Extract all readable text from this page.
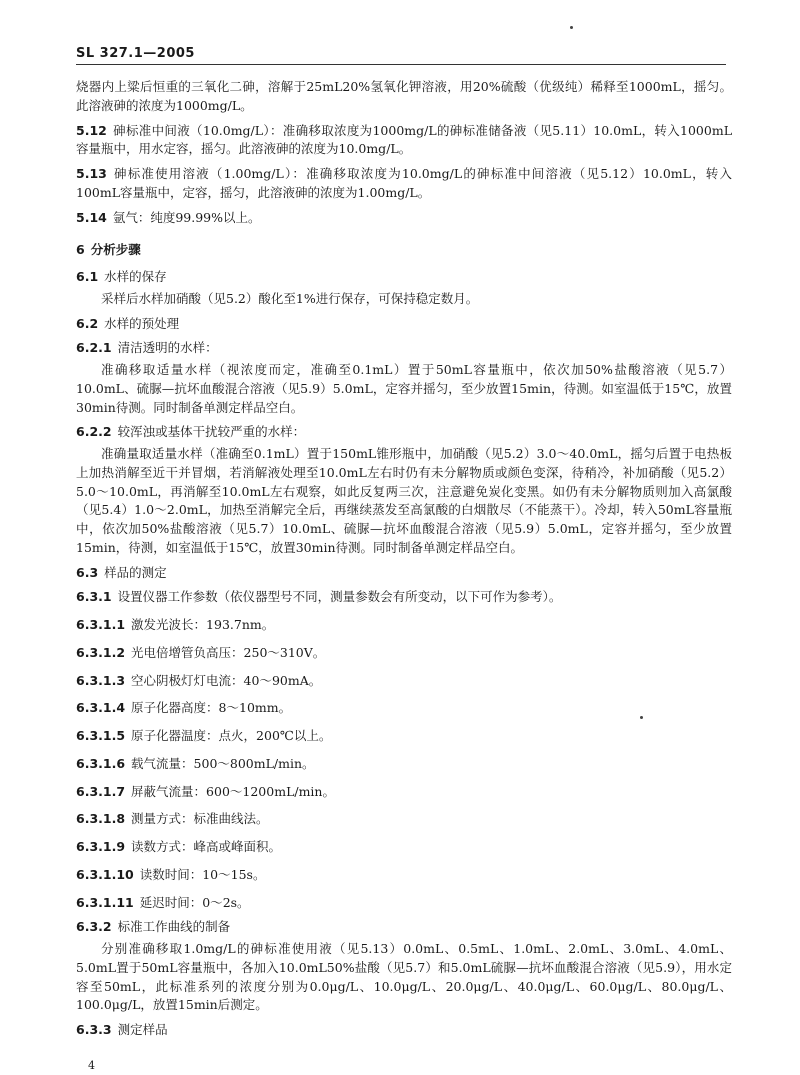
SL 327.1—2005

烧器内上粱后恒重的三氧化二砷，溶解于25mL20%氢氧化钾溶液，用20%硫酸（优级纯）稀释至1000mL，摇匀。此溶液砷的浓度为1000mg/L。

5.12 砷标准中间液（10.0mg/L）：准确移取浓度为1000mg/L的砷标准储备液（见5.11）10.0mL，转入1000mL容量瓶中，用水定容，摇匀。此溶液砷的浓度为10.0mg/L。

5.13 砷标准使用溶液（1.00mg/L）：准确移取浓度为10.0mg/L的砷标准中间溶液（见5.12）10.0mL，转入100mL容量瓶中，定容，摇匀，此溶液砷的浓度为1.00mg/L。

5.14 氩气：纯度99.99%以上。

6 分析步骤

6.1 水样的保存

采样后水样加硝酸（见5.2）酸化至1%进行保存，可保持稳定数月。

6.2 水样的预处理

6.2.1 清洁透明的水样：

准确移取适量水样（视浓度而定，准确至0.1mL）置于50mL容量瓶中，依次加50%盐酸溶液（见5.7）10.0mL、硫脲—抗坏血酸混合溶液（见5.9）5.0mL，定容并摇匀，至少放置15min，待测。如室温低于15℃，放置30min待测。同时制备单测定样品空白。

6.2.2 较浑浊或基体干扰较严重的水样：

准确量取适量水样（准确至0.1mL）置于150mL锥形瓶中，加硝酸（见5.2）3.0～40.0mL，摇匀后置于电热板上加热消解至近干并冒烟，若消解液处理至10.0mL左右时仍有未分解物质或颜色变深，待稍冷，补加硝酸（见5.2）5.0～10.0mL，再消解至10.0mL左右观察，如此反复两三次，注意避免炭化变黑。如仍有未分解物质则加入高氯酸（见5.4）1.0～2.0mL，加热至消解完全后，再继续蒸发至高氯酸的白烟散尽（不能蒸干）。冷却，转入50mL容量瓶中，依次加50%盐酸溶液（见5.7）10.0mL、硫脲—抗坏血酸混合溶液（见5.9）5.0mL，定容并摇匀，至少放置15min，待测，如室温低于15℃，放置30min待测。同时制备单测定样品空白。

6.3 样品的测定

6.3.1 设置仪器工作参数（依仪器型号不同，测量参数会有所变动，以下可作为参考）。

6.3.1.1 激发光波长：193.7nm。

6.3.1.2 光电倍增管负高压：250～310V。

6.3.1.3 空心阴极灯灯电流：40～90mA。

6.3.1.4 原子化器高度：8～10mm。

6.3.1.5 原子化器温度：点火，200℃以上。

6.3.1.6 载气流量：500～800mL/min。

6.3.1.7 屏蔽气流量：600～1200mL/min。

6.3.1.8 测量方式：标准曲线法。

6.3.1.9 读数方式：峰高或峰面积。

6.3.1.10 读数时间：10～15s。

6.3.1.11 延迟时间：0～2s。

6.3.2 标准工作曲线的制备

分别准确移取1.0mg/L的砷标准使用液（见5.13）0.0mL、0.5mL、1.0mL、2.0mL、3.0mL、4.0mL、5.0mL置于50mL容量瓶中，各加入10.0mL50%盐酸（见5.7）和5.0mL硫脲—抗坏血酸混合溶液（见5.9），用水定容至50mL，此标准系列的浓度分别为0.0μg/L、10.0μg/L、20.0μg/L、40.0μg/L、60.0μg/L、80.0μg/L、100.0μg/L，放置15min后测定。

6.3.3 测定样品

4
